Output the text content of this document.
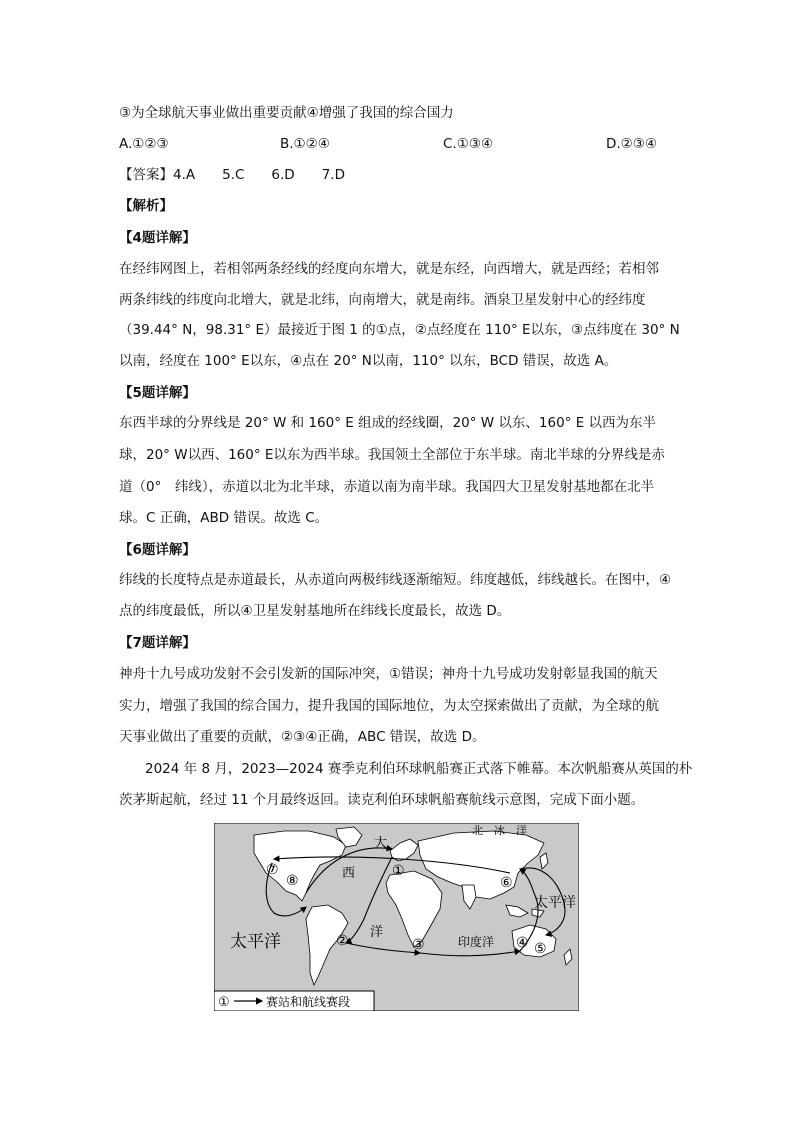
③为全球航天事业做出重要贡献④增强了我国的综合国力
A.①②③	B.①②④	C.①③④	D.②③④
【答案】4.A　　5.C　　6.D　　7.D
【解析】
【4题详解】
在经纬网图上，若相邻两条经线的经度向东增大，就是东经，向西增大，就是西经；若相邻
两条纬线的纬度向北增大，就是北纬，向南增大，就是南纬。酒泉卫星发射中心的经纬度
（39.44° N，98.31° E）最接近于图 1 的①点，②点经度在 110° E以东，③点纬度在 30° N
以南，经度在 100° E以东，④点在 20° N以南，110° 以东，BCD 错误，故选 A。
【5题详解】
东西半球的分界线是 20° W 和 160° E 组成的经线圈，20° W 以东、160° E 以西为东半
球，20° W以西、160° E以东为西半球。我国领土全部位于东半球。南北半球的分界线是赤
道（0°　纬线），赤道以北为北半球，赤道以南为南半球。我国四大卫星发射基地都在北半
球。C 正确，ABD 错误。故选 C。
【6题详解】
纬线的长度特点是赤道最长，从赤道向两极纬线逐渐缩短。纬度越低，纬线越长。在图中，④
点的纬度最低，所以④卫星发射基地所在纬线长度最长，故选 D。
【7题详解】
神舟十九号成功发射不会引发新的国际冲突，①错误；神舟十九号成功发射彰显我国的航天
实力，增强了我国的综合国力，提升我国的国际地位，为太空探索做出了贡献，为全球的航
天事业做出了重要的贡献，②③④正确，ABC 错误，故选 D。
2024 年 8 月，2023—2024 赛季克利伯环球帆船赛正式落下帷幕。本次帆船赛从英国的朴
茨茅斯起航，经过 11 个月最终返回。读克利伯环球帆船赛航线示意图，完成下面小题。
北　冰　洋
大
西
洋
印度洋
太平洋
太平洋
①
②	③	④ ⑤
⑥
⑦
⑧
①	赛站和航线赛段
